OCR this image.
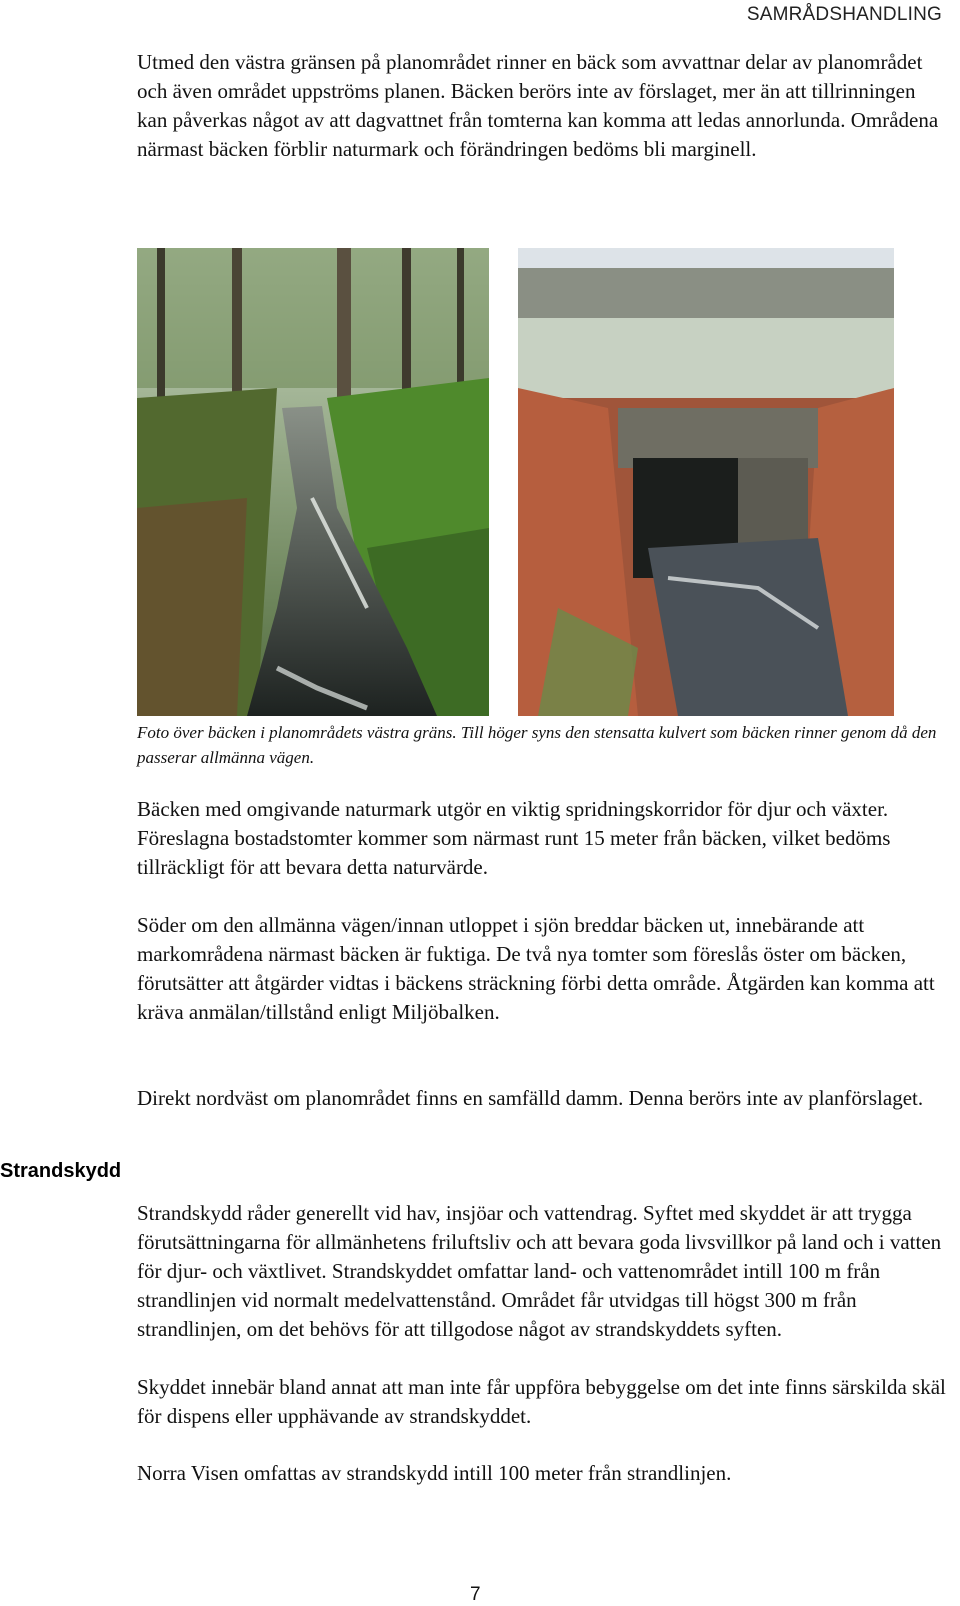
SAMRÅDSHANDLING

Utmed den västra gränsen på planområdet rinner en bäck som avvattnar delar av planområdet och även området uppströms planen. Bäcken berörs inte av förslaget, mer än att tillrinningen kan påverkas något av att dagvattnet från tomterna kan komma att ledas annorlunda. Områdena närmast bäcken förblir naturmark och förändringen bedöms bli marginell.

Foto över bäcken i planområdets västra gräns. Till höger syns den stensatta kulvert som bäcken rinner genom då den passerar allmänna vägen.

Bäcken med omgivande naturmark utgör en viktig spridningskorridor för djur och växter. Föreslagna bostadstomter kommer som närmast runt 15 meter från bäcken, vilket bedöms tillräckligt för att bevara detta naturvärde.

Söder om den allmänna vägen/innan utloppet i sjön breddar bäcken ut, innebärande att markområdena närmast bäcken är fuktiga. De två nya tomter som föreslås öster om bäcken, förutsätter att åtgärder vidtas i bäckens sträckning förbi detta område. Åtgärden kan komma att kräva anmälan/tillstånd enligt Miljöbalken.

Direkt nordväst om planområdet finns en samfälld damm. Denna berörs inte av planförslaget.

Strandskydd

Strandskydd råder generellt vid hav, insjöar och vattendrag. Syftet med skyddet är att trygga förutsättningarna för allmänhetens friluftsliv och att bevara goda livsvillkor på land och i vatten för djur- och växtlivet. Strandskyddet omfattar land- och vattenområdet intill 100 m från strandlinjen vid normalt medelvattenstånd. Området får utvidgas till högst 300 m från strandlinjen, om det behövs för att tillgodose något av strandskyddets syften.

Skyddet innebär bland annat att man inte får uppföra bebyggelse om det inte finns särskilda skäl för dispens eller upphävande av strandskyddet.

Norra Visen omfattas av strandskydd intill 100 meter från strandlinjen.

7
